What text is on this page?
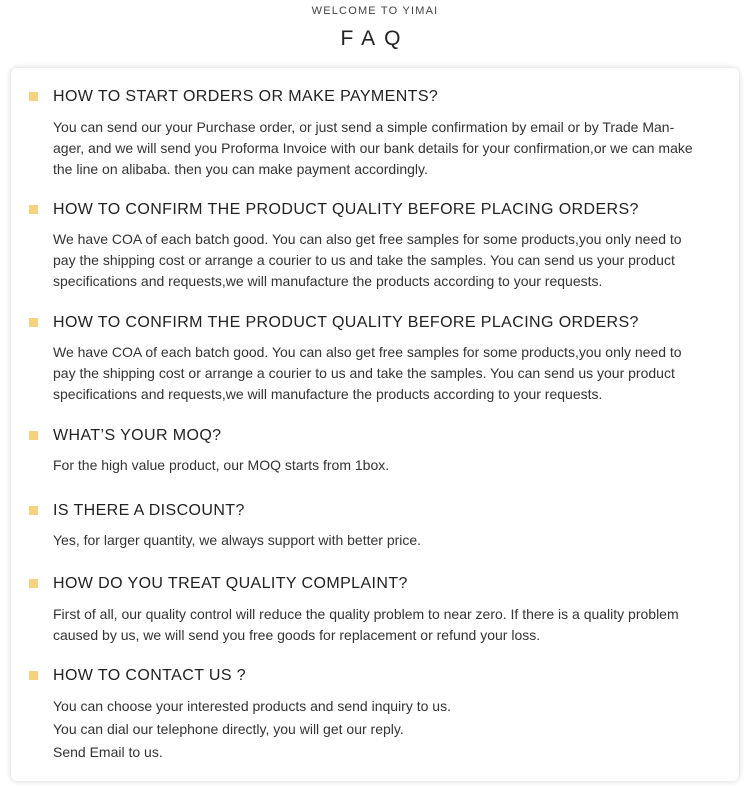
WELCOME TO YIMAI
FAQ
HOW TO START ORDERS OR MAKE PAYMENTS?
You can send our your Purchase order, or just send a simple confirmation by email or by Trade Man-
ager, and we will send you Proforma Invoice with our bank details for your confirmation,or we can make
the line on alibaba. then you can make payment accordingly.
HOW TO CONFIRM THE PRODUCT QUALITY BEFORE PLACING ORDERS?
We have COA of each batch good. You can also get free samples for some products,you only need to
pay the shipping cost or arrange a courier to us and take the samples. You can send us your product
specifications and requests,we will manufacture the products according to your requests.
HOW TO CONFIRM THE PRODUCT QUALITY BEFORE PLACING ORDERS?
We have COA of each batch good. You can also get free samples for some products,you only need to
pay the shipping cost or arrange a courier to us and take the samples. You can send us your product
specifications and requests,we will manufacture the products according to your requests.
WHAT’S YOUR MOQ?
For the high value product, our MOQ starts from 1box.
IS THERE A DISCOUNT?
Yes, for larger quantity, we always support with better price.
HOW DO YOU TREAT QUALITY COMPLAINT?
First of all, our quality control will reduce the quality problem to near zero. If there is a quality problem
caused by us, we will send you free goods for replacement or refund your loss.
HOW TO CONTACT US ?
You can choose your interested products and send inquiry to us.
You can dial our telephone directly, you will get our reply.
Send Email to us.
